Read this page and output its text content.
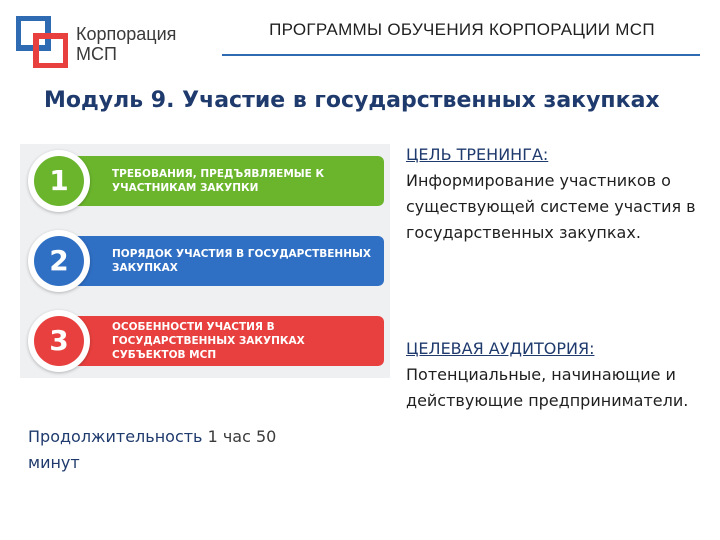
Корпорация
МСП
ПРОГРАММЫ ОБУЧЕНИЯ КОРПОРАЦИИ МСП
Модуль 9. Участие в государственных закупках
1	ТРЕБОВАНИЯ, ПРЕДЪЯВЛЯЕМЫЕ К УЧАСТНИКАМ ЗАКУПКИ
2	ПОРЯДОК УЧАСТИЯ В ГОСУДАРСТВЕННЫХ ЗАКУПКАХ
3	ОСОБЕННОСТИ УЧАСТИЯ В ГОСУДАРСТВЕННЫХ ЗАКУПКАХ СУБЪЕКТОВ МСП
Продолжительность 1 час 50
минут
ЦЕЛЬ ТРЕНИНГА:
Информирование участников о существующей системе участия в государственных закупках.
ЦЕЛЕВАЯ АУДИТОРИЯ:
Потенциальные, начинающие и действующие предприниматели.
